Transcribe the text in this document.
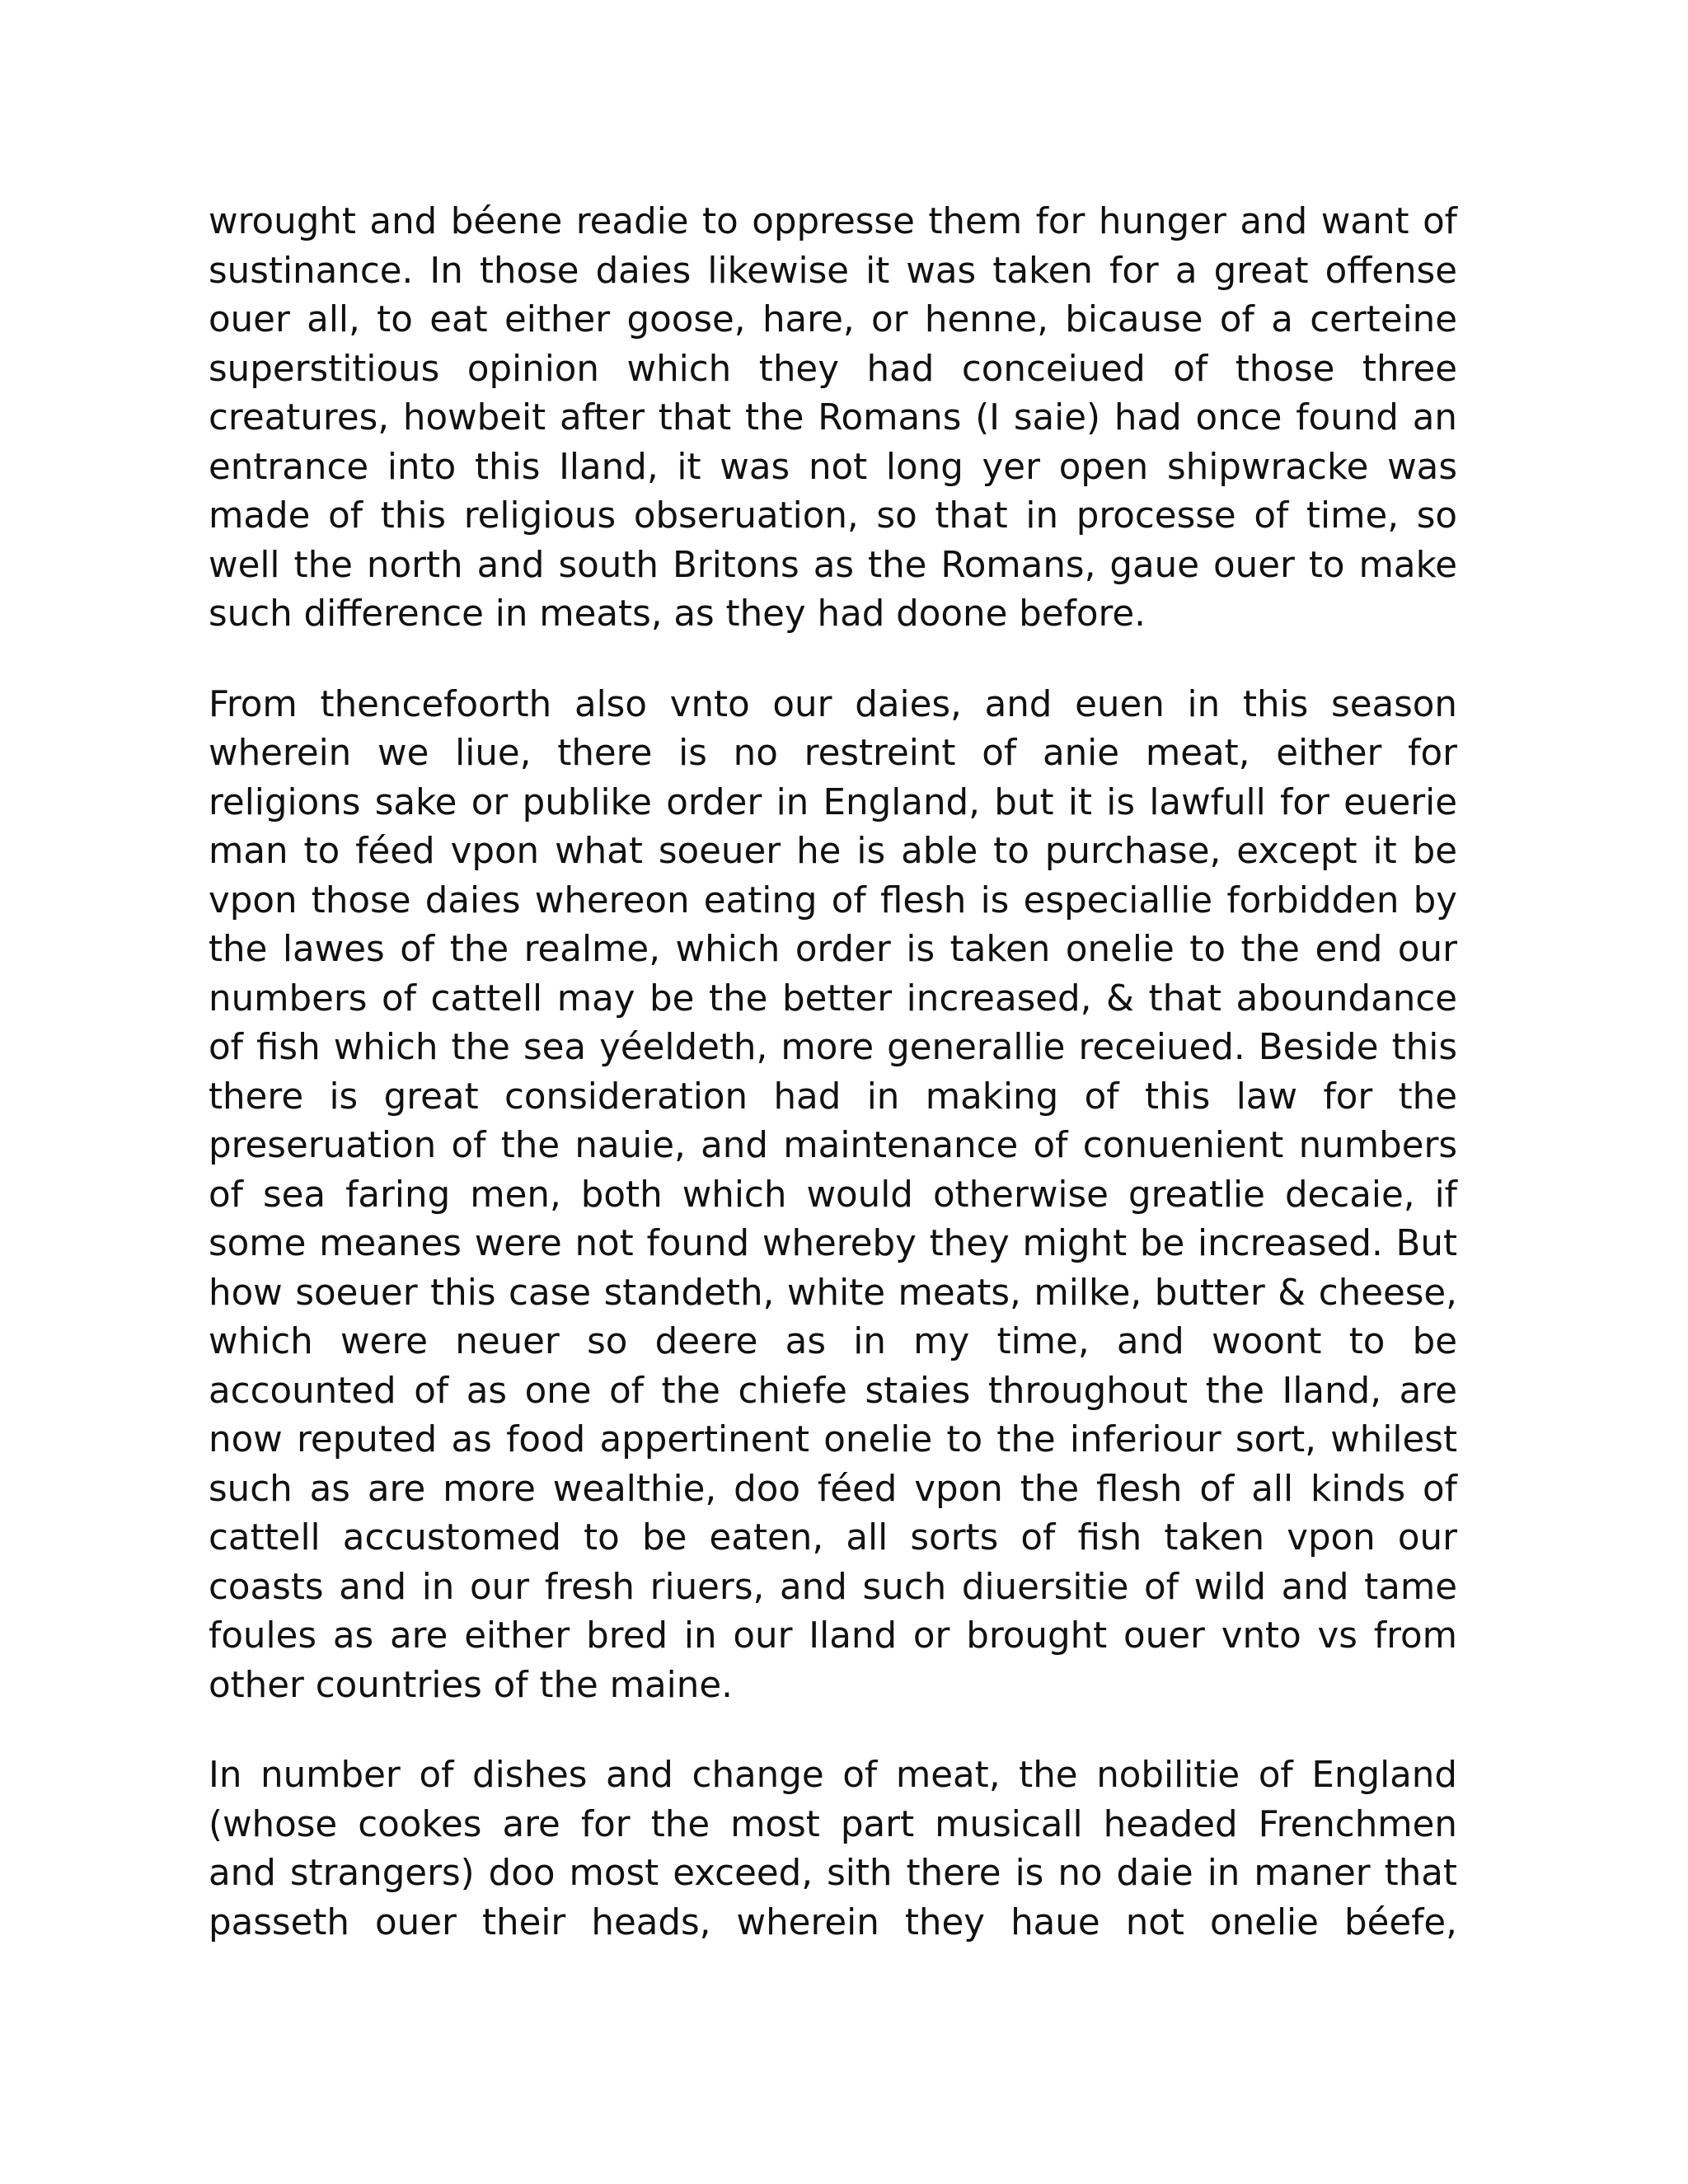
wrought and béene readie to oppresse them for hunger and want of
sustinance. In those daies likewise it was taken for a great offense
ouer all, to eat either goose, hare, or henne, bicause of a certeine
superstitious opinion which they had conceiued of those three
creatures, howbeit after that the Romans (I saie) had once found an
entrance into this Iland, it was not long yer open shipwracke was
made of this religious obseruation, so that in processe of time, so
well the north and south Britons as the Romans, gaue ouer to make
such difference in meats, as they had doone before.

From thencefoorth also vnto our daies, and euen in this season
wherein we liue, there is no restreint of anie meat, either for
religions sake or publike order in England, but it is lawfull for euerie
man to féed vpon what soeuer he is able to purchase, except it be
vpon those daies whereon eating of flesh is especiallie forbidden by
the lawes of the realme, which order is taken onelie to the end our
numbers of cattell may be the better increased, & that aboundance
of fish which the sea yéeldeth, more generallie receiued. Beside this
there is great consideration had in making of this law for the
preseruation of the nauie, and maintenance of conuenient numbers
of sea faring men, both which would otherwise greatlie decaie, if
some meanes were not found whereby they might be increased. But
how soeuer this case standeth, white meats, milke, butter & cheese,
which were neuer so deere as in my time, and woont to be
accounted of as one of the chiefe staies throughout the Iland, are
now reputed as food appertinent onelie to the inferiour sort, whilest
such as are more wealthie, doo féed vpon the flesh of all kinds of
cattell accustomed to be eaten, all sorts of fish taken vpon our
coasts and in our fresh riuers, and such diuersitie of wild and tame
foules as are either bred in our Iland or brought ouer vnto vs from
other countries of the maine.

In number of dishes and change of meat, the nobilitie of England
(whose cookes are for the most part musicall headed Frenchmen
and strangers) doo most exceed, sith there is no daie in maner that
passeth ouer their heads, wherein they haue not onelie béefe,
